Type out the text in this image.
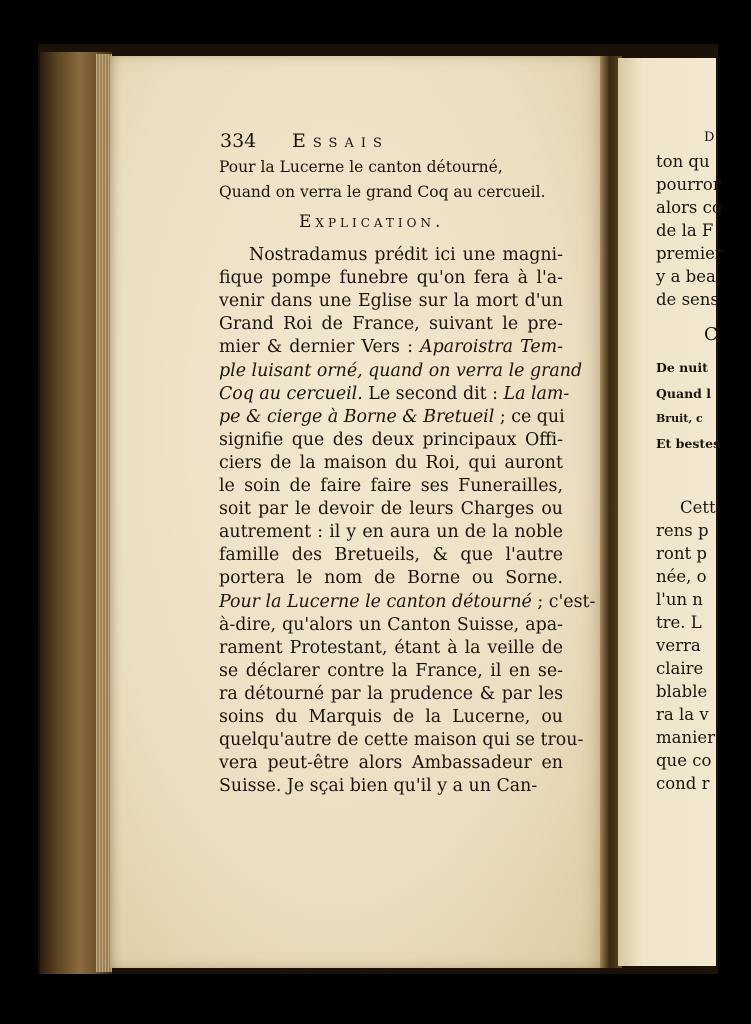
D
ton qu
pourror
alors co
de la F
premier
y a bea
de sens
C
De nuit
Quand l
Bruit, c
Et bestes
Cett
rens p
ront p
née, o
l'un n
tre. L
verra
claire
blable
ra la v
manier
que co
cond r
334 Essais
Pour la Lucerne le canton détourné,
Quand on verra le grand Coq au cercueil.
Explication.
Nostradamus prédit ici une magni-
fique pompe funebre qu'on fera à l'a-
venir dans une Eglise sur la mort d'un
Grand Roi de France, suivant le pre-
mier & dernier Vers : Aparoistra Tem-
ple luisant orné, quand on verra le grand
Coq au cercueil. Le second dit : La lam-
pe & cierge à Borne & Bretueil ; ce qui
signifie que des deux principaux Offi-
ciers de la maison du Roi, qui auront
le soin de faire faire ses Funerailles,
soit par le devoir de leurs Charges ou
autrement : il y en aura un de la noble
famille des Bretueils, & que l'autre
portera le nom de Borne ou Sorne.
Pour la Lucerne le canton détourné ; c'est-
à-dire, qu'alors un Canton Suisse, apa-
rament Protestant, étant à la veille de
se déclarer contre la France, il en se-
ra détourné par la prudence & par les
soins du Marquis de la Lucerne, ou
quelqu'autre de cette maison qui se trou-
vera peut-être alors Ambassadeur en
Suisse. Je sçai bien qu'il y a un Can-
